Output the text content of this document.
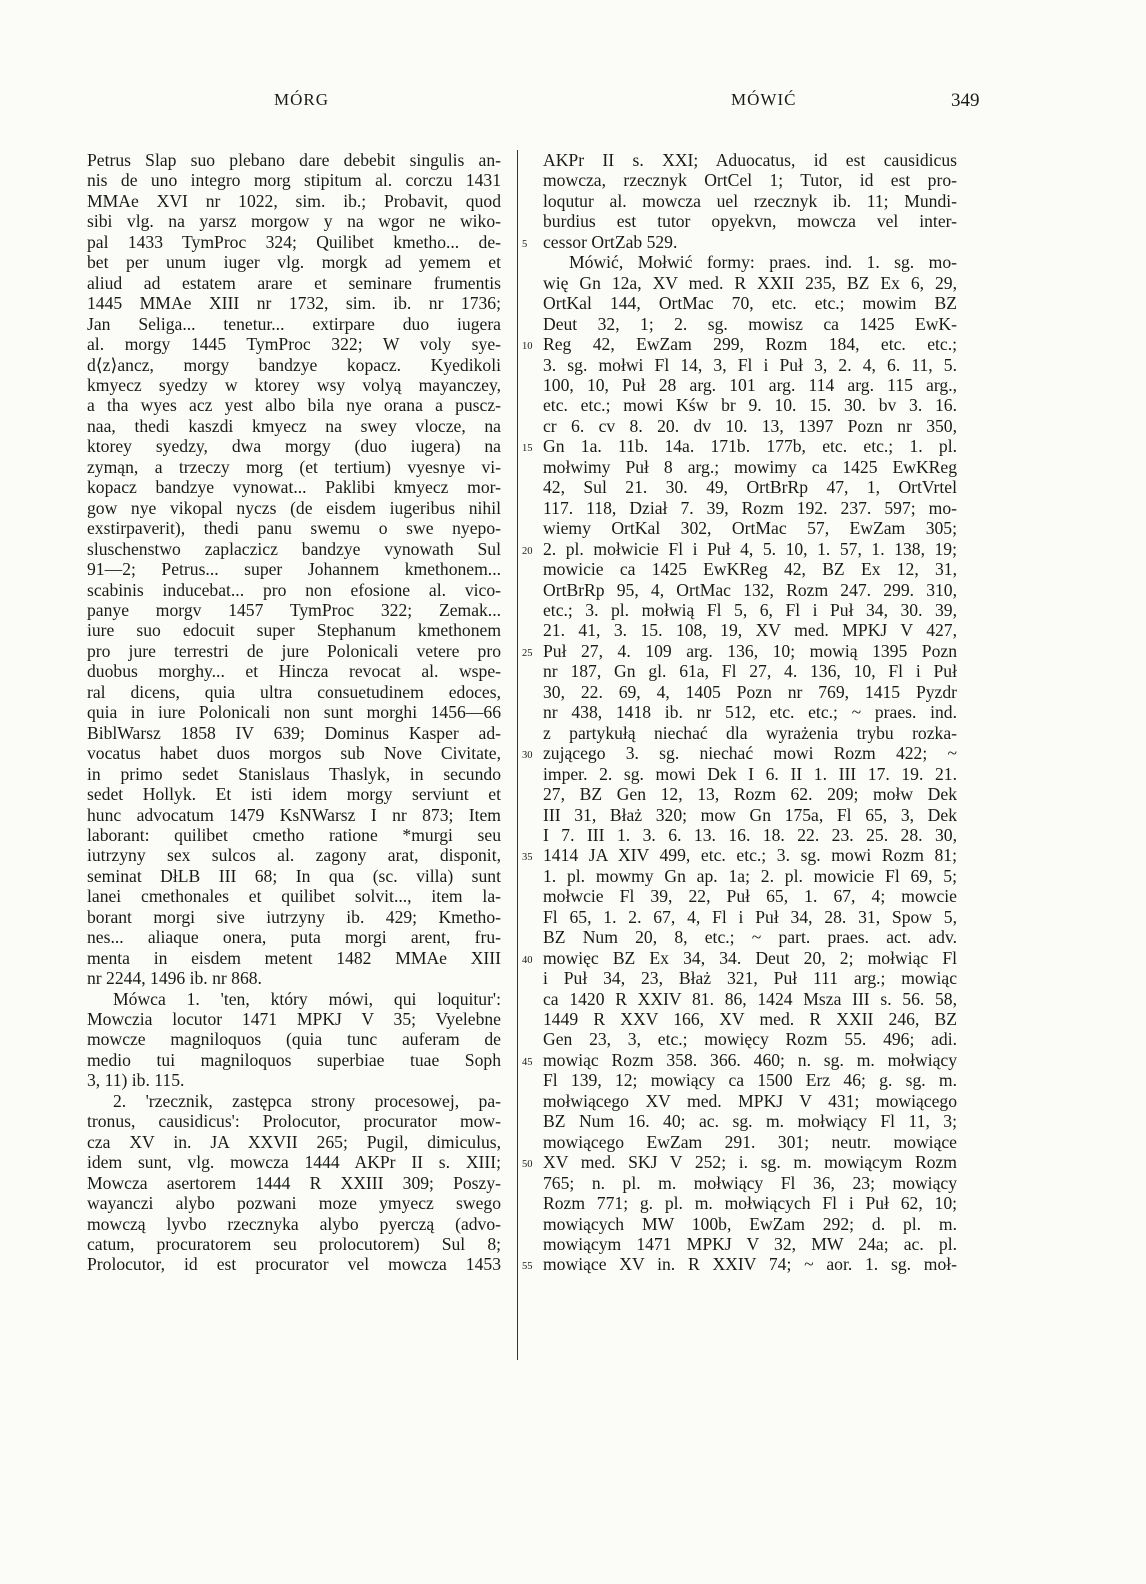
MÓRG	MÓWIĆ	349
Petrus Slap suo plebano dare debebit singulis an-
nis de uno integro morg stipitum al. corczu 1431
MMAe XVI nr 1022, sim. ib.; Probavit, quod
sibi vlg. na yarsz morgow y na wgor ne wiko-
pal 1433 TymProc 324; Quilibet kmetho... de-
bet per unum iuger vlg. morgk ad yemem et
aliud ad estatem arare et seminare frumentis
1445 MMAe XIII nr 1732, sim. ib. nr 1736;
Jan Seliga... tenetur... extirpare duo iugera
al. morgy 1445 TymProc 322; W voly sye-
d⟨z⟩ancz, morgy bandzye kopacz. Kyedikoli
kmyecz syedzy w ktorey wsy volyą mayanczey,
a tha wyes acz yest albo bila nye orana a puscz-
naa, thedi kaszdi kmyecz na swey vlocze, na
ktorey syedzy, dwa morgy (duo iugera) na
zymąn, a trzeczy morg (et tertium) vyesnye vi-
kopacz bandzye vynowat... Paklibi kmyecz mor-
gow nye vikopal nyczs (de eisdem iugeribus nihil
exstirpaverit), thedi panu swemu o swe nyepo-
sluschenstwo zaplaczicz bandzye vynowath Sul
91—2; Petrus... super Johannem kmethonem...
scabinis inducebat... pro non efosione al. vico-
panye morgv 1457 TymProc 322; Zemak...
iure suo edocuit super Stephanum kmethonem
pro jure terrestri de jure Polonicali vetere pro
duobus morghy... et Hincza revocat al. wspe-
ral dicens, quia ultra consuetudinem edoces,
quia in iure Polonicali non sunt morghi 1456—66
BiblWarsz 1858 IV 639; Dominus Kasper ad-
vocatus habet duos morgos sub Nove Civitate,
in primo sedet Stanislaus Thaslyk, in secundo
sedet Hollyk. Et isti idem morgy serviunt et
hunc advocatum 1479 KsNWarsz I nr 873; Item
laborant: quilibet cmetho ratione *murgi seu
iutrzyny sex sulcos al. zagony arat, disponit,
seminat DłLB III 68; In qua (sc. villa) sunt
lanei cmethonales et quilibet solvit..., item la-
borant morgi sive iutrzyny ib. 429; Kmetho-
nes... aliaque onera, puta morgi arent, fru-
menta in eisdem metent 1482 MMAe XIII
nr 2244, 1496 ib. nr 868.
Mówca 1. 'ten, który mówi, qui loquitur':
Mowczia locutor 1471 MPKJ V 35; Vyelebne
mowcze magniloquos (quia tunc auferam de
medio tui magniloquos superbiae tuae Soph
3, 11) ib. 115.
2. 'rzecznik, zastępca strony procesowej, pa-
tronus, causidicus': Prolocutor, procurator mow-
cza XV in. JA XXVII 265; Pugil, dimiculus,
idem sunt, vlg. mowcza 1444 AKPr II s. XIII;
Mowcza asertorem 1444 R XXIII 309; Poszy-
wayanczi alybo pozwani moze ymyecz swego
mowczą lyvbo rzecznyka alybo pyerczą (advo-
catum, procuratorem seu prolocutorem) Sul 8;
Prolocutor, id est procurator vel mowcza 1453
5
10
15
20
25
30
35
40
45
50
55
AKPr II s. XXI; Aduocatus, id est causidicus
mowcza, rzecznyk OrtCel 1; Tutor, id est pro-
loqutur al. mowcza uel rzecznyk ib. 11; Mundi-
burdius est tutor opyekvn, mowcza vel inter-
cessor OrtZab 529.
Mówić, Mołwić formy: praes. ind. 1. sg. mo-
wię Gn 12a, XV med. R XXII 235, BZ Ex 6, 29,
OrtKal 144, OrtMac 70, etc. etc.; mowim BZ
Deut 32, 1; 2. sg. mowisz ca 1425 EwK-
Reg 42, EwZam 299, Rozm 184, etc. etc.;
3. sg. mołwi Fl 14, 3, Fl i Puł 3, 2. 4, 6. 11, 5.
100, 10, Puł 28 arg. 101 arg. 114 arg. 115 arg.,
etc. etc.; mowi Kśw br 9. 10. 15. 30. bv 3. 16.
cr 6. cv 8. 20. dv 10. 13, 1397 Pozn nr 350,
Gn 1a. 11b. 14a. 171b. 177b, etc. etc.; 1. pl.
mołwimy Puł 8 arg.; mowimy ca 1425 EwKReg
42, Sul 21. 30. 49, OrtBrRp 47, 1, OrtVrtel
117. 118, Dział 7. 39, Rozm 192. 237. 597; mo-
wiemy OrtKal 302, OrtMac 57, EwZam 305;
2. pl. mołwicie Fl i Puł 4, 5. 10, 1. 57, 1. 138, 19;
mowicie ca 1425 EwKReg 42, BZ Ex 12, 31,
OrtBrRp 95, 4, OrtMac 132, Rozm 247. 299. 310,
etc.; 3. pl. mołwią Fl 5, 6, Fl i Puł 34, 30. 39,
21. 41, 3. 15. 108, 19, XV med. MPKJ V 427,
Puł 27, 4. 109 arg. 136, 10; mowią 1395 Pozn
nr 187, Gn gl. 61a, Fl 27, 4. 136, 10, Fl i Puł
30, 22. 69, 4, 1405 Pozn nr 769, 1415 Pyzdr
nr 438, 1418 ib. nr 512, etc. etc.; ~ praes. ind.
z partykułą niechać dla wyrażenia trybu rozka-
zującego 3. sg. niechać mowi Rozm 422; ~
imper. 2. sg. mowi Dek I 6. II 1. III 17. 19. 21.
27, BZ Gen 12, 13, Rozm 62. 209; mołw Dek
III 31, Błaż 320; mow Gn 175a, Fl 65, 3, Dek
I 7. III 1. 3. 6. 13. 16. 18. 22. 23. 25. 28. 30,
1414 JA XIV 499, etc. etc.; 3. sg. mowi Rozm 81;
1. pl. mowmy Gn ap. 1a; 2. pl. mowicie Fl 69, 5;
mołwcie Fl 39, 22, Puł 65, 1. 67, 4; mowcie
Fl 65, 1. 2. 67, 4, Fl i Puł 34, 28. 31, Spow 5,
BZ Num 20, 8, etc.; ~ part. praes. act. adv.
mowięc BZ Ex 34, 34. Deut 20, 2; mołwiąc Fl
i Puł 34, 23, Błaż 321, Puł 111 arg.; mowiąc
ca 1420 R XXIV 81. 86, 1424 Msza III s. 56. 58,
1449 R XXV 166, XV med. R XXII 246, BZ
Gen 23, 3, etc.; mowięcy Rozm 55. 496; adi.
mowiąc Rozm 358. 366. 460; n. sg. m. mołwiący
Fl 139, 12; mowiący ca 1500 Erz 46; g. sg. m.
mołwiącego XV med. MPKJ V 431; mowiącego
BZ Num 16. 40; ac. sg. m. mołwiący Fl 11, 3;
mowiącego EwZam 291. 301; neutr. mowiące
XV med. SKJ V 252; i. sg. m. mowiącym Rozm
765; n. pl. m. mołwiący Fl 36, 23; mowiący
Rozm 771; g. pl. m. mołwiących Fl i Puł 62, 10;
mowiących MW 100b, EwZam 292; d. pl. m.
mowiącym 1471 MPKJ V 32, MW 24a; ac. pl.
mowiące XV in. R XXIV 74; ~ aor. 1. sg. moł-
